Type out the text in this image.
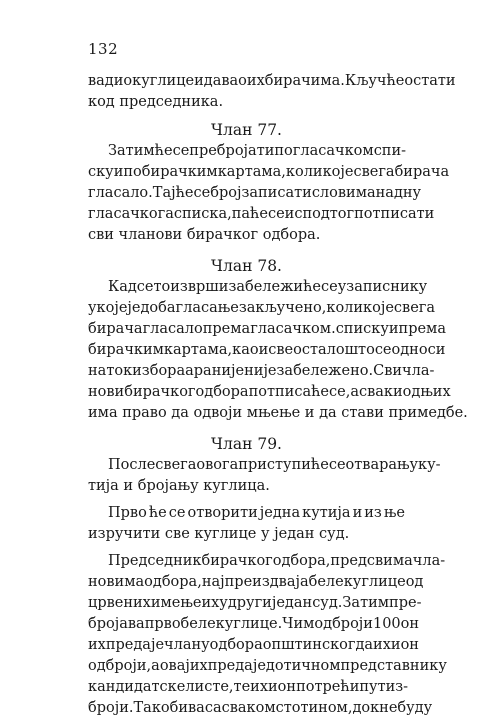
132
вадио куглице и давао их бирачима. Кључ ће остати
код председника.
Члан 77.
Затим ће се пребројати по гласачком спи-
ску и по бирачким картама, колико је свега бирача
гласало. Тај ће се број записати словима на дну
гласачкога списка, па ће се испод тог потписати
сви чланови бирачког одбора.
Члан 78.
Кад се то изврши забележиће се у записнику
у које је доба гласање закључено, колико је свега
бирача гласало према гласачком. списку и према
бирачким картама, као и све остало што се односи
на ток избора а раније није забележено. Сви чла-
нови бирачког одбора потписаће се, а сваки од њих
има право да одвоји мњење и да стави примедбе.
Члан 79.
После свега овога приступиће се отварању ку-
тија и бројању куглица.
Прво ће се отворити једна кутија и из ње
изручити све куглице у један суд.
Председник бирачког одбора, пред свима чла-
новима одбора, најпре издваја беле куглице од
црвених и мење их у други један суд. Затим пре-
бројава прво беле куглице. Чим одброји 100 он
их предаје члану одбора општинског да их и он
одброји, а овај их предаје дотичном представнику
кандидатске листе, те их и он по трећи пут из-
броји. Тако бива са сваком стотином, док не буду
